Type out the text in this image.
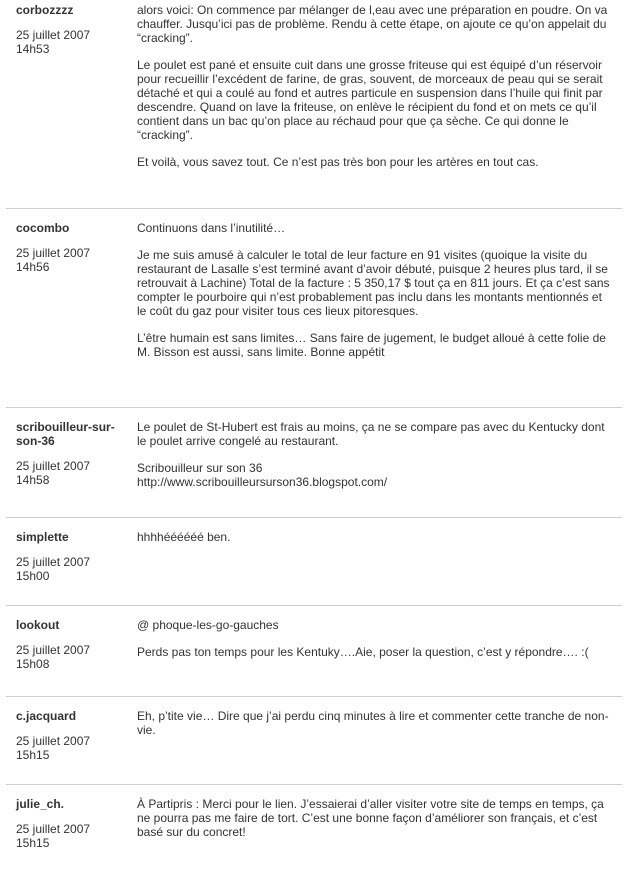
corbozzzz
25 juillet 2007
14h53

alors voici: On commence par mélanger de l,eau avec une préparation en poudre. On va chauffer. Jusqu’ici pas de problème. Rendu à cette étape, on ajoute ce qu’on appelait du “cracking”.

Le poulet est pané et ensuite cuit dans une grosse friteuse qui est équipé d’un réservoir pour recueillir l’excédent de farine, de gras, souvent, de morceaux de peau qui se serait détaché et qui a coulé au fond et autres particule en suspension dans l’huile qui finit par descendre. Quand on lave la friteuse, on enlève le récipient du fond et on mets ce qu’il contient dans un bac qu’on place au réchaud pour que ça sèche. Ce qui donne le “cracking”.

Et voilà, vous savez tout. Ce n’est pas très bon pour les artères en tout cas.

cocombo
25 juillet 2007
14h56

Continuons dans l’inutilité…

Je me suis amusé à calculer le total de leur facture en 91 visites (quoique la visite du restaurant de Lasalle s’est terminé avant d’avoir débuté, puisque 2 heures plus tard, il se retrouvait à Lachine) Total de la facture : 5 350,17 $ tout ça en 811 jours. Et ça c’est sans compter le pourboire qui n’est probablement pas inclu dans les montants mentionnés et le coût du gaz pour visiter tous ces lieux pitoresques.

L’être humain est sans limites… Sans faire de jugement, le budget alloué à cette folie de M. Bisson est aussi, sans limite. Bonne appétit

scribouilleur-sur-son-36
25 juillet 2007
14h58

Le poulet de St-Hubert est frais au moins, ça ne se compare pas avec du Kentucky dont le poulet arrive congelé au restaurant.

Scribouilleur sur son 36
http://www.scribouilleursurson36.blogspot.com/

simplette
25 juillet 2007
15h00

hhhhéééééé ben.

lookout
25 juillet 2007
15h08

@ phoque-les-go-gauches

Perds pas ton temps pour les Kentuky….Aie, poser la question, c’est y répondre…. :(

c.jacquard
25 juillet 2007
15h15

Eh, p’tite vie… Dire que j’ai perdu cinq minutes à lire et commenter cette tranche de non-vie.

julie_ch.
25 juillet 2007
15h15

À Partipris : Merci pour le lien. J’essaierai d’aller visiter votre site de temps en temps, ça ne pourra pas me faire de tort. C’est une bonne façon d’améliorer son français, et c’est basé sur du concret!
